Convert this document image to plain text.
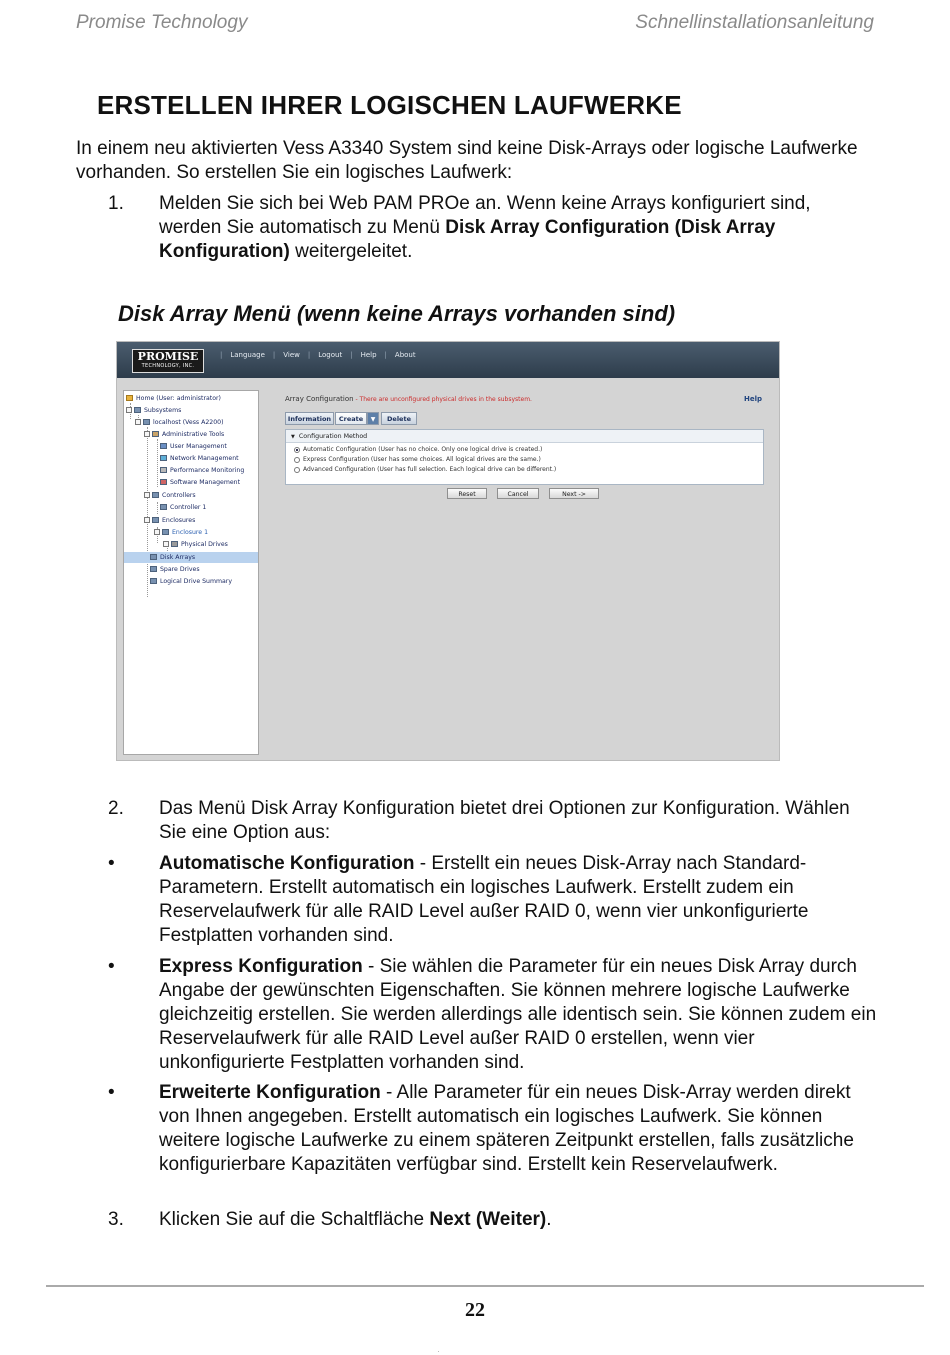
Promise Technology	Schnellinstallationsanleitung
ERSTELLEN IHRER LOGISCHEN LAUFWERKE

In einem neu aktivierten Vess A3340 System sind keine Disk-Arrays oder logische Laufwerke vorhanden. So erstellen Sie ein logisches Laufwerk:

1.	Melden Sie sich bei Web PAM PROe an. Wenn keine Arrays konfiguriert sind, werden Sie automatisch zu Menü Disk Array Configuration (Disk Array Konfiguration) weitergeleitet.
Disk Array Menü (wenn keine Arrays vorhanden sind)
PROMISE
TECHNOLOGY, INC.
| Language | View | Logout | Help | About
Home (User: administrator)
Subsystems
localhost (Vess A2200)
Administrative Tools
User Management
Network Management
Performance Monitoring
Software Management
Controllers
Controller 1
Enclosures
Enclosure 1
Physical Drives
Disk Arrays
Spare Drives
Logical Drive Summary
Array Configuration - There are unconfigured physical drives in the subsystem.	Help
Information	Create	▼	Delete
▼ Configuration Method
Automatic Configuration (User has no choice. Only one logical drive is created.)
Express Configuration (User has some choices. All logical drives are the same.)
Advanced Configuration (User has full selection. Each logical drive can be different.)
Reset	Cancel	Next ->
2.	Das Menü Disk Array Konfiguration bietet drei Optionen zur Konfiguration. Wählen Sie eine Option aus:
•	Automatische Konfiguration - Erstellt ein neues Disk-Array nach Standard-Parametern. Erstellt automatisch ein logisches Laufwerk. Erstellt zudem ein Reservelaufwerk für alle RAID Level außer RAID 0, wenn vier unkonfigurierte Festplatten vorhanden sind.
•	Express Konfiguration - Sie wählen die Parameter für ein neues Disk Array durch Angabe der gewünschten Eigenschaften. Sie können mehrere logische Laufwerke gleichzeitig erstellen. Sie werden allerdings alle identisch sein. Sie können zudem ein Reservelaufwerk für alle RAID Level außer RAID 0 erstellen, wenn vier unkonfigurierte Festplatten vorhanden sind.
•	Erweiterte Konfiguration - Alle Parameter für ein neues Disk-Array werden direkt von Ihnen angegeben. Erstellt automatisch ein logisches Laufwerk. Sie können weitere logische Laufwerke zu einem späteren Zeitpunkt erstellen, falls zusätzliche konfigurierbare Kapazitäten verfügbar sind. Erstellt kein Reservelaufwerk.
3.	Klicken Sie auf die Schaltfläche Next (Weiter).
22
